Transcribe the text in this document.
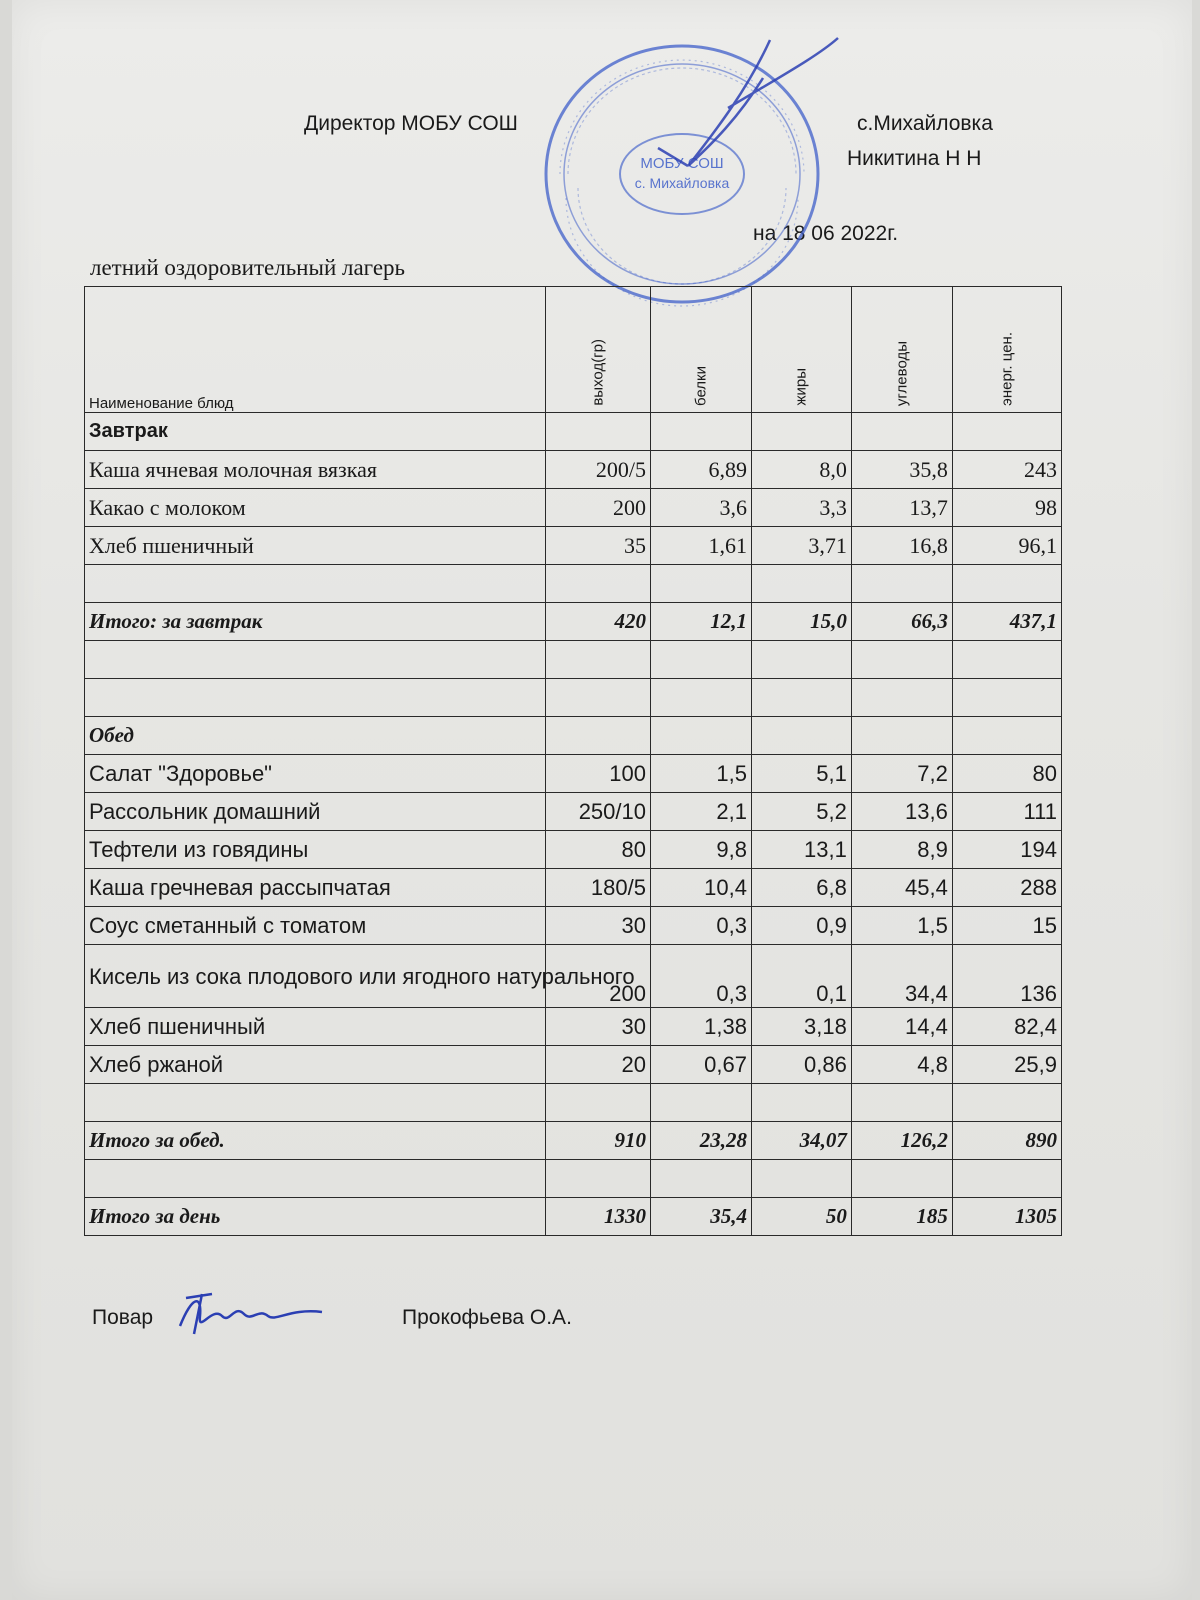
Директор МОБУ СОШ	с.Михайловка
Никитина Н Н
на 18 06 2022г.
летний оздоровительный лагерь
МОБУ СОШ
с. Михайловка
Наименование блюд	выход(гр)	белки	жиры	углеводы	энерг. цен.

Завтрак					
Каша ячневая молочная вязкая	200/5	6,89	8,0	35,8	243
Какао с молоком	200	3,6	3,3	13,7	98
Хлеб пшеничный	35	1,61	3,71	16,8	96,1

Итого: за завтрак	420	12,1	15,0	66,3	437,1

Обед					
Салат "Здоровье"	100	1,5	5,1	7,2	80
Рассольник домашний	250/10	2,1	5,2	13,6	111
Тефтели из говядины	80	9,8	13,1	8,9	194
Каша гречневая рассыпчатая	180/5	10,4	6,8	45,4	288
Соус сметанный с томатом	30	0,3	0,9	1,5	15
Кисель из сока плодового или ягодного натурального	200	0,3	0,1	34,4	136
Хлеб пшеничный	30	1,38	3,18	14,4	82,4
Хлеб ржаной	20	0,67	0,86	4,8	25,9

Итого за обед.	910	23,28	34,07	126,2	890

Итого за день	1330	35,4	50	185	1305
Повар	Прокофьева О.А.
